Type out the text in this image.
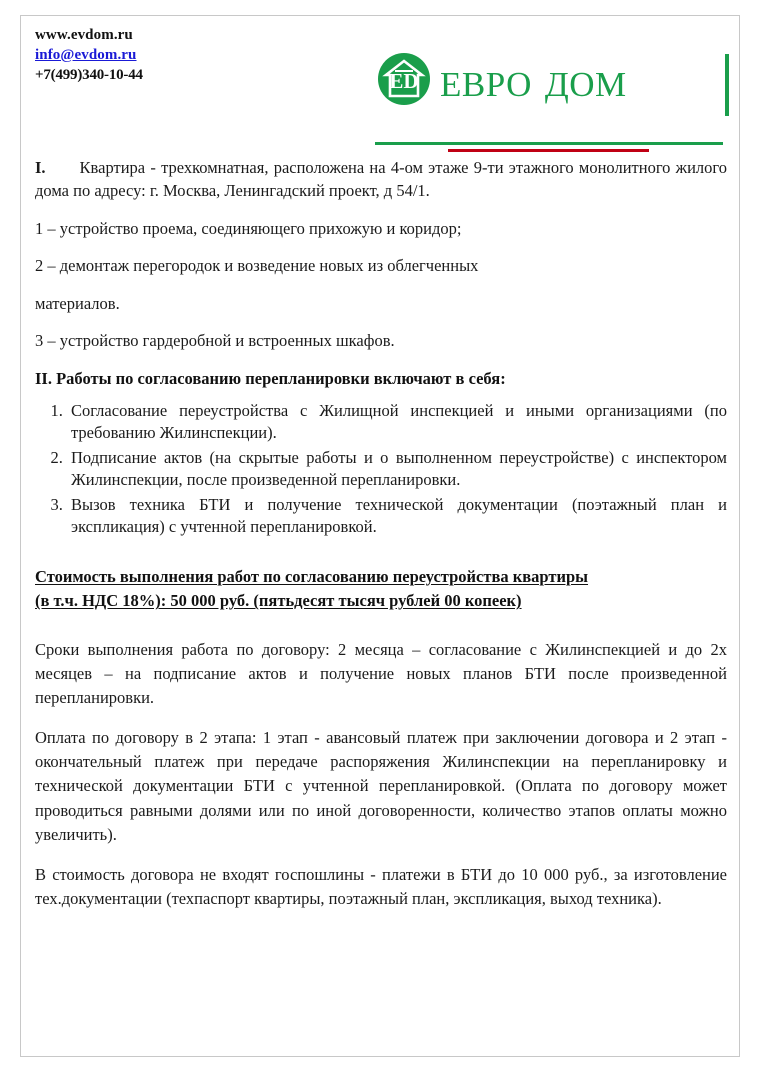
www.evdom.ru
info@evdom.ru
+7(499)340-10-44	ED евро дом

I. Квартира - трехкомнатная, расположена на 4-ом этаже 9-ти этажного монолитного жилого дома по адресу: г. Москва, Ленингадский проект, д 54/1.

1 – устройство проема, соединяющего прихожую и коридор;

2 – демонтаж перегородок и возведение новых из облегченных

материалов.

3 – устройство гардеробной и встроенных шкафов.

II. Работы по согласованию перепланировки включают в себя:

1. Согласование переустройства с Жилищной инспекцией и иными организациями (по требованию Жилинспекции).
2. Подписание актов (на скрытые работы и о выполненном переустройстве) с инспектором Жилинспекции, после произведенной перепланировки.
3. Вызов техника БТИ и получение технической документации (поэтажный план и экспликация) с учтенной перепланировкой.
Стоимость выполнения работ по согласованию переустройства квартиры
(в т.ч. НДС 18%): 50 000 руб. (пятьдесят тысяч рублей 00 копеек)

Сроки выполнения работа по договору: 2 месяца – согласование с Жилинспекцией и до 2х месяцев – на подписание актов и получение новых планов БТИ после произведенной перепланировки.

Оплата по договору в 2 этапа: 1 этап - авансовый платеж при заключении договора и 2 этап - окончательный платеж при передаче распоряжения Жилинспекции на перепланировку и технической документации БТИ с учтенной перепланировкой. (Оплата по договору может проводиться равными долями или по иной договоренности, количество этапов оплаты можно увеличить).

В стоимость договора не входят госпошлины - платежи в БТИ до 10 000 руб., за изготовление тех.документации (техпаспорт квартиры, поэтажный план, экспликация, выход техника).
